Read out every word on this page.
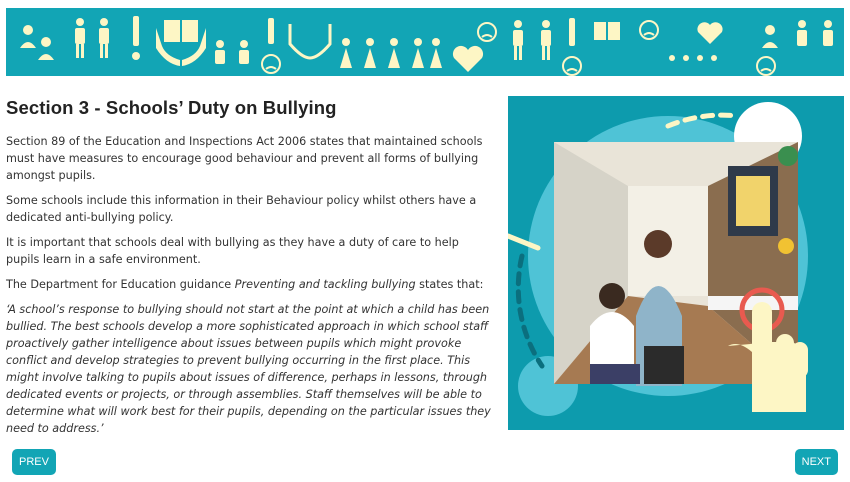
Section 3 - Schools’ Duty on Bullying

Section 89 of the Education and Inspections Act 2006 states that maintained schools must have measures to encourage good behaviour and prevent all forms of bullying amongst pupils.

Some schools include this information in their Behaviour policy whilst others have a dedicated anti-bullying policy.

It is important that schools deal with bullying as they have a duty of care to help pupils learn in a safe environment.

The Department for Education guidance Preventing and tackling bullying states that:

‘A school’s response to bullying should not start at the point at which a child has been bullied. The best schools develop a more sophisticated approach in which school staff proactively gather intelligence about issues between pupils which might provoke conflict and develop strategies to prevent bullying occurring in the first place. This might involve talking to pupils about issues of difference, perhaps in lessons, through dedicated events or projects, or through assemblies. Staff themselves will be able to determine what will work best for their pupils, depending on the particular issues they need to address.’

PREV	NEXT
